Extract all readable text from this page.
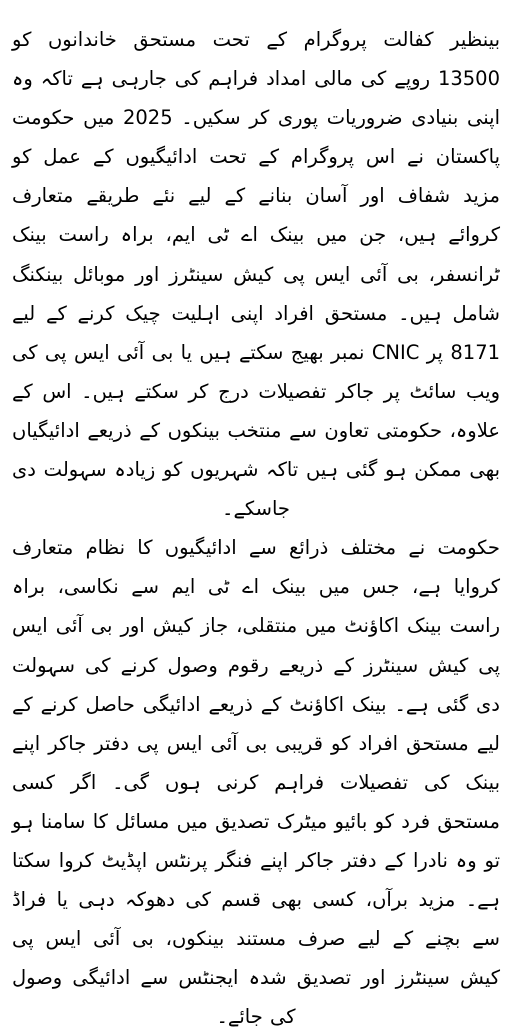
بینظیر کفالت پروگرام کے تحت مستحق خاندانوں کو 13500 روپے کی مالی امداد فراہم کی جارہی ہے تاکہ وہ اپنی بنیادی ضروریات پوری کر سکیں۔ 2025 میں حکومت پاکستان نے اس پروگرام کے تحت ادائیگیوں کے عمل کو مزید شفاف اور آسان بنانے کے لیے نئے طریقے متعارف کروائے ہیں، جن میں بینک اے ٹی ایم، براہ راست بینک ٹرانسفر، بی آئی ایس پی کیش سینٹرز اور موبائل بینکنگ شامل ہیں۔ مستحق افراد اپنی اہلیت چیک کرنے کے لیے 8171 پر CNIC نمبر بھیج سکتے ہیں یا بی آئی ایس پی کی ویب سائٹ پر جاکر تفصیلات درج کر سکتے ہیں۔ اس کے علاوہ، حکومتی تعاون سے منتخب بینکوں کے ذریعے ادائیگیاں بھی ممکن ہو گئی ہیں تاکہ شہریوں کو زیادہ سہولت دی جاسکے۔

حکومت نے مختلف ذرائع سے ادائیگیوں کا نظام متعارف کروایا ہے، جس میں بینک اے ٹی ایم سے نکاسی، براہ راست بینک اکاؤنٹ میں منتقلی، جاز کیش اور بی آئی ایس پی کیش سینٹرز کے ذریعے رقوم وصول کرنے کی سہولت دی گئی ہے۔ بینک اکاؤنٹ کے ذریعے ادائیگی حاصل کرنے کے لیے مستحق افراد کو قریبی بی آئی ایس پی دفتر جاکر اپنے بینک کی تفصیلات فراہم کرنی ہوں گی۔ اگر کسی مستحق فرد کو بائیو میٹرک تصدیق میں مسائل کا سامنا ہو تو وہ نادرا کے دفتر جاکر اپنے فنگر پرنٹس اپڈیٹ کروا سکتا ہے۔ مزید برآں، کسی بھی قسم کی دھوکہ دہی یا فراڈ سے بچنے کے لیے صرف مستند بینکوں، بی آئی ایس پی کیش سینٹرز اور تصدیق شدہ ایجنٹس سے ادائیگی وصول کی جائے۔
